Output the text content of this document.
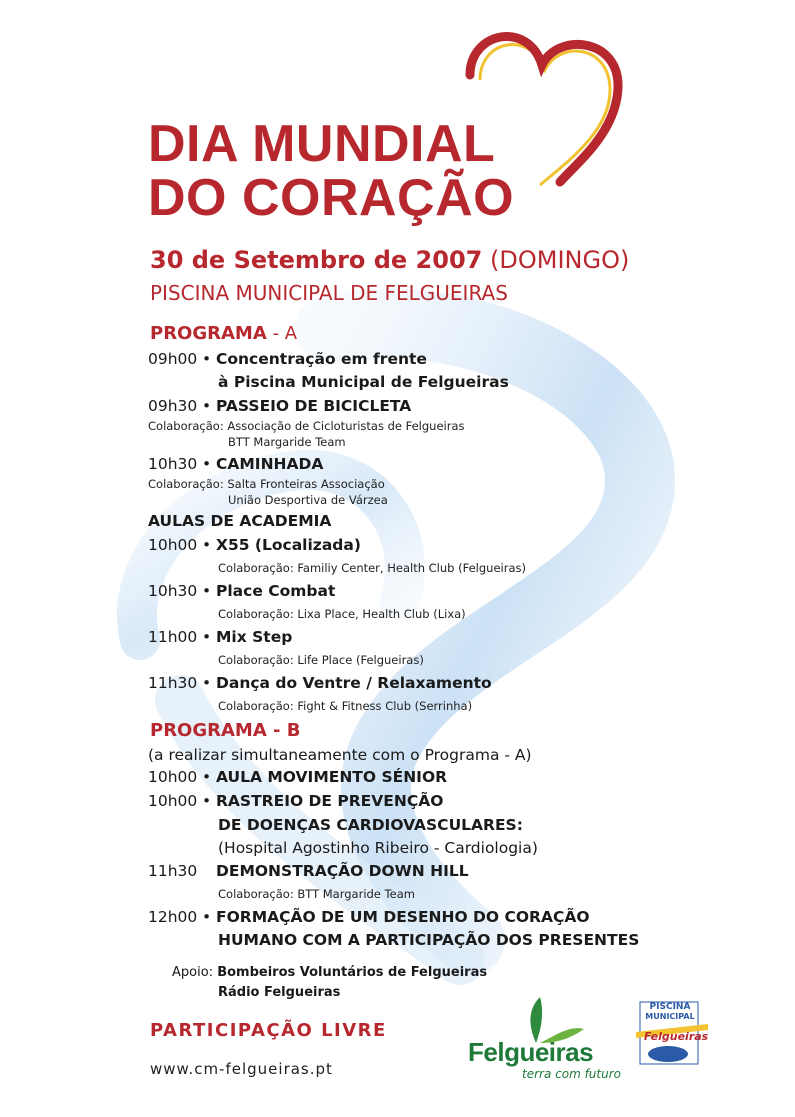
DIA MUNDIAL
DO CORAÇÃO
30 de Setembro de 2007 (DOMINGO)
PISCINA MUNICIPAL DE FELGUEIRAS
PROGRAMA - A
09h00 • Concentração em frente
à Piscina Municipal de Felgueiras
09h30 • PASSEIO DE BICICLETA
Colaboração: Associação de Cicloturistas de Felgueiras
BTT Margaride Team
10h30 • CAMINHADA
Colaboração: Salta Fronteiras Associação
União Desportiva de Várzea
AULAS DE ACADEMIA
10h00 • X55 (Localizada)
Colaboração: Familiy Center, Health Club (Felgueiras)
10h30 • Place Combat
Colaboração: Lixa Place, Health Club (Lixa)
11h00 • Mix Step
Colaboração: Life Place (Felgueiras)
11h30 • Dança do Ventre / Relaxamento
Colaboração: Fight & Fitness Club (Serrinha)
PROGRAMA - B
(a realizar simultaneamente com o Programa - A)
10h00 • AULA MOVIMENTO SÉNIOR
10h00 • RASTREIO DE PREVENÇÃO
DE DOENÇAS CARDIOVASCULARES:
(Hospital Agostinho Ribeiro - Cardiologia)
11h30 DEMONSTRAÇÃO DOWN HILL
Colaboração: BTT Margaride Team
12h00 • FORMAÇÃO DE UM DESENHO DO CORAÇÃO
HUMANO COM A PARTICIPAÇÃO DOS PRESENTES
Apoio: Bombeiros Voluntários de Felgueiras
Rádio Felgueiras
PARTICIPAÇÃO LIVRE
www.cm-felgueiras.pt
Felgueiras
terra com futuro
PISCINA
MUNICIPAL
Felgueiras
